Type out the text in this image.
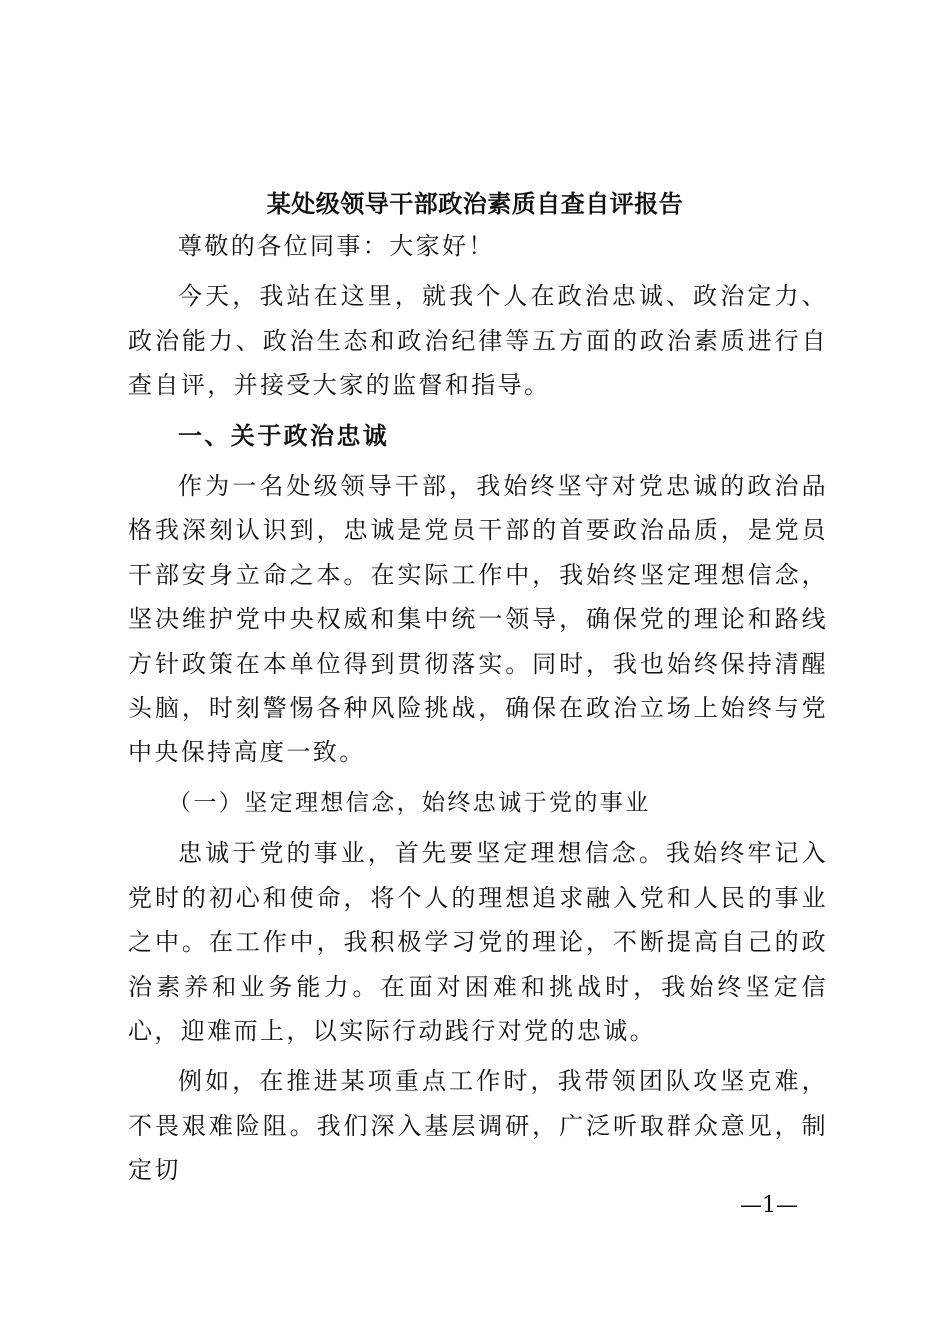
某处级领导干部政治素质自查自评报告

尊敬的各位同事：大家好！

今天，我站在这里，就我个人在政治忠诚、政治定力、政治能力、政治生态和政治纪律等五方面的政治素质进行自查自评，并接受大家的监督和指导。

一、关于政治忠诚

作为一名处级领导干部，我始终坚守对党忠诚的政治品格我深刻认识到，忠诚是党员干部的首要政治品质，是党员干部安身立命之本。在实际工作中，我始终坚定理想信念，坚决维护党中央权威和集中统一领导，确保党的理论和路线方针政策在本单位得到贯彻落实。同时，我也始终保持清醒头脑，时刻警惕各种风险挑战，确保在政治立场上始终与党中央保持高度一致。

（一）坚定理想信念，始终忠诚于党的事业

忠诚于党的事业，首先要坚定理想信念。我始终牢记入党时的初心和使命，将个人的理想追求融入党和人民的事业之中。在工作中，我积极学习党的理论，不断提高自己的政治素养和业务能力。在面对困难和挑战时，我始终坚定信心，迎难而上，以实际行动践行对党的忠诚。

例如，在推进某项重点工作时，我带领团队攻坚克难，不畏艰难险阻。我们深入基层调研，广泛听取群众意见，制定切

—1—
